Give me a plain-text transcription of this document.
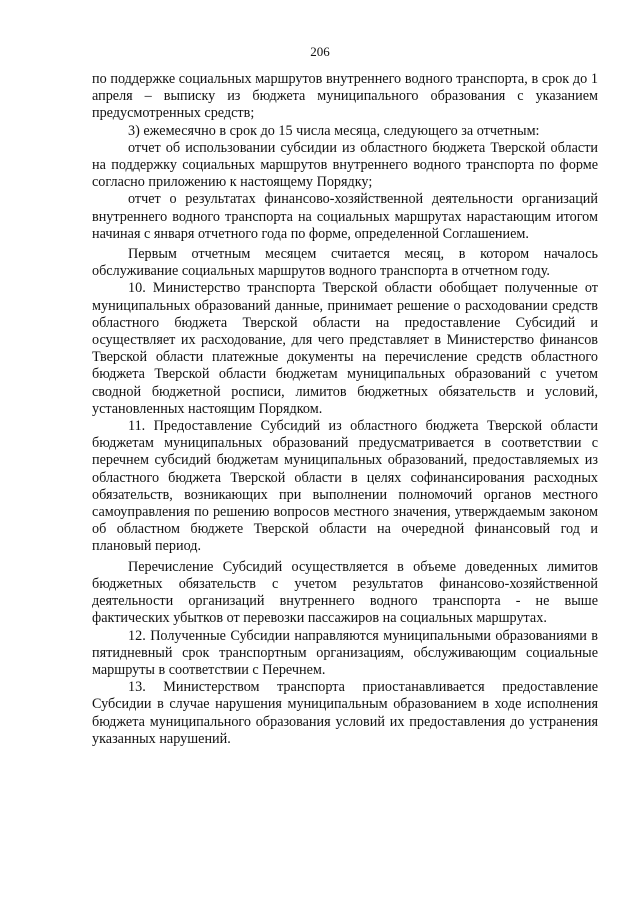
206

по поддержке социальных маршрутов внутреннего водного транспорта, в срок до 1 апреля – выписку из бюджета муниципального образования с указанием предусмотренных средств;

3) ежемесячно в срок до 15 числа месяца, следующего за отчетным:

отчет об использовании субсидии из областного бюджета Тверской области на поддержку социальных маршрутов внутреннего водного транспорта по форме согласно приложению к настоящему Порядку;

отчет о результатах финансово-хозяйственной деятельности организаций внутреннего водного транспорта на социальных маршрутах нарастающим итогом начиная с января отчетного года по форме, определенной Соглашением.

Первым отчетным месяцем считается месяц, в котором началось обслуживание социальных маршрутов водного транспорта в отчетном году.

10. Министерство транспорта Тверской области обобщает полученные от муниципальных образований данные, принимает решение о расходовании средств областного бюджета Тверской области на предоставление Субсидий и осуществляет их расходование, для чего представляет в Министерство финансов Тверской области платежные документы на перечисление средств областного бюджета Тверской области бюджетам муниципальных образований с учетом сводной бюджетной росписи, лимитов бюджетных обязательств и условий, установленных настоящим Порядком.

11. Предоставление Субсидий из областного бюджета Тверской области бюджетам муниципальных образований предусматривается в соответствии с перечнем субсидий бюджетам муниципальных образований, предоставляемых из областного бюджета Тверской области в целях софинансирования расходных обязательств, возникающих при выполнении полномочий органов местного самоуправления по решению вопросов местного значения, утверждаемым законом об областном бюджете Тверской области на очередной финансовый год и плановый период.

Перечисление Субсидий осуществляется в объеме доведенных лимитов бюджетных обязательств с учетом результатов финансово-хозяйственной деятельности организаций внутреннего водного транспорта - не выше фактических убытков от перевозки пассажиров на социальных маршрутах.

12. Полученные Субсидии направляются муниципальными образованиями в пятидневный срок транспортным организациям, обслуживающим социальные маршруты в соответствии с Перечнем.

13. Министерством транспорта приостанавливается предоставление Субсидии в случае нарушения муниципальным образованием в ходе исполнения бюджета муниципального образования условий их предоставления до устранения указанных нарушений.
